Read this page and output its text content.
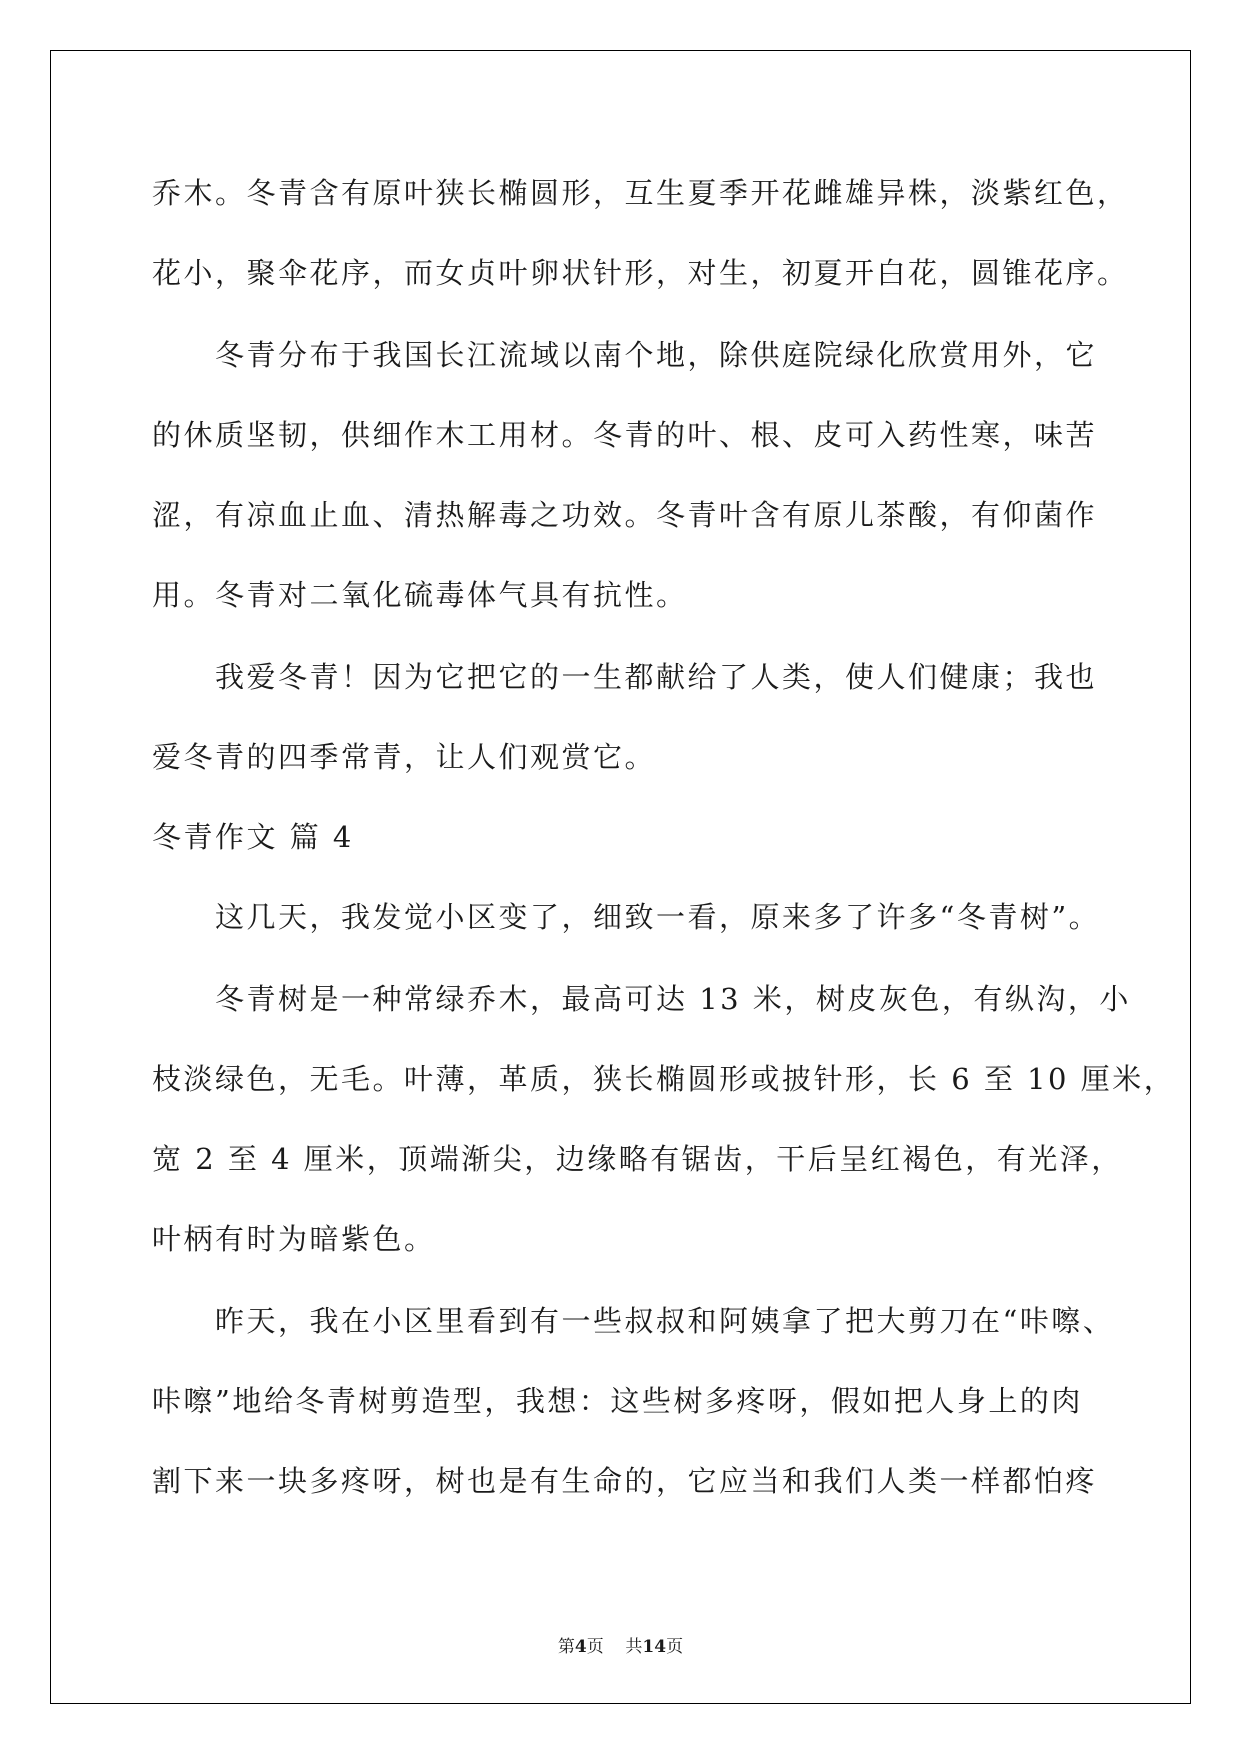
乔木。冬青含有原叶狭长椭圆形，互生夏季开花雌雄异株，淡紫红色，
花小，聚伞花序，而女贞叶卵状针形，对生，初夏开白花，圆锥花序。
冬青分布于我国长江流域以南个地，除供庭院绿化欣赏用外，它
的休质坚韧，供细作木工用材。冬青的叶、根、皮可入药性寒，味苦
涩，有凉血止血、清热解毒之功效。冬青叶含有原儿茶酸，有仰菌作
用。冬青对二氧化硫毒体气具有抗性。
我爱冬青！因为它把它的一生都献给了人类，使人们健康；我也
爱冬青的四季常青，让人们观赏它。
冬青作文 篇 4
这几天，我发觉小区变了，细致一看，原来多了许多“冬青树”。
冬青树是一种常绿乔木，最高可达 13 米，树皮灰色，有纵沟，小
枝淡绿色，无毛。叶薄，革质，狭长椭圆形或披针形，长 6 至 10 厘米，
宽 2 至 4 厘米，顶端渐尖，边缘略有锯齿，干后呈红褐色，有光泽，
叶柄有时为暗紫色。
昨天，我在小区里看到有一些叔叔和阿姨拿了把大剪刀在“咔嚓、
咔嚓”地给冬青树剪造型，我想：这些树多疼呀，假如把人身上的肉
割下来一块多疼呀，树也是有生命的，它应当和我们人类一样都怕疼
第4页    共14页
